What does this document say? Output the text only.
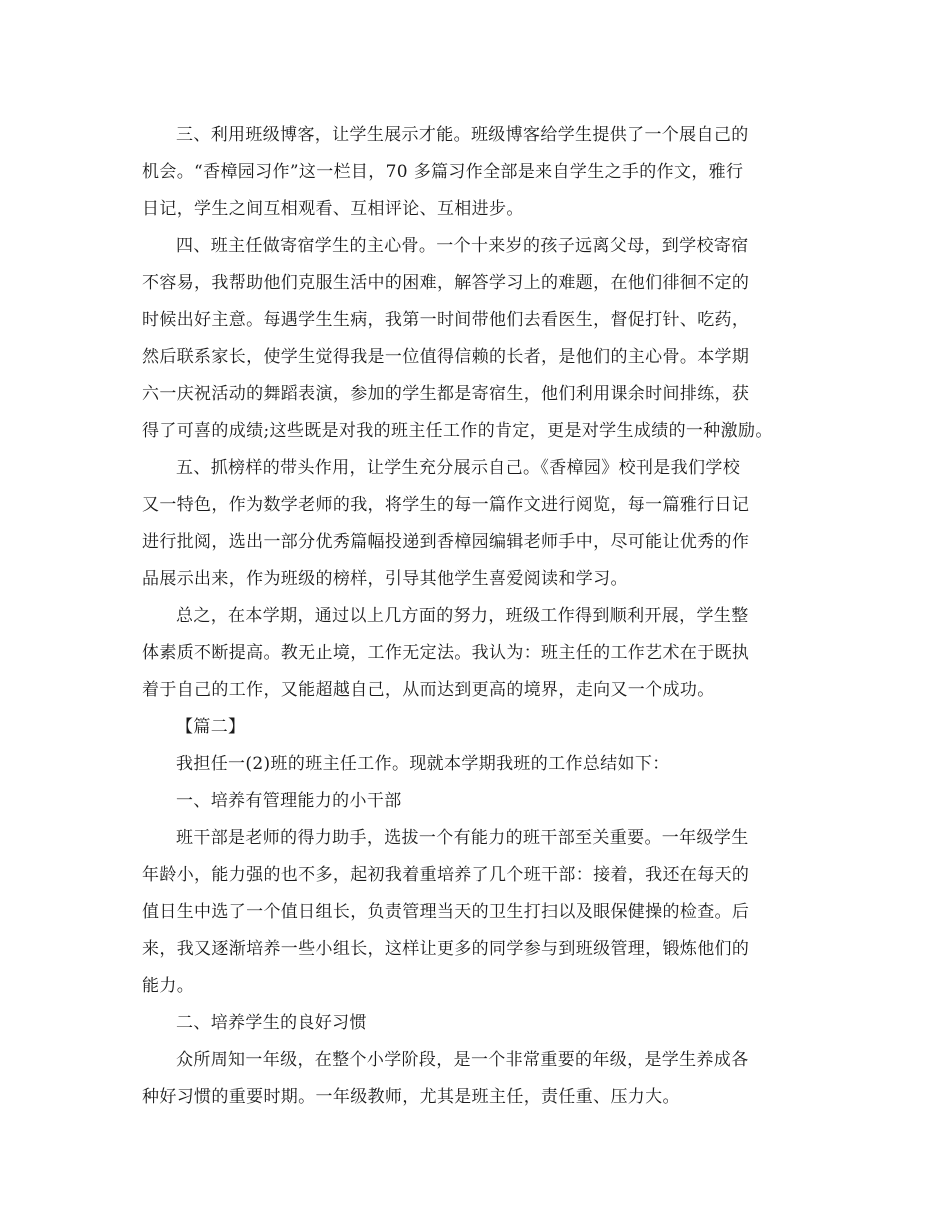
三、利用班级博客，让学生展示才能。班级博客给学生提供了一个展自己的
机会。“香樟园习作”这一栏目，70 多篇习作全部是来自学生之手的作文，雅行
日记，学生之间互相观看、互相评论、互相进步。
四、班主任做寄宿学生的主心骨。一个十来岁的孩子远离父母，到学校寄宿
不容易，我帮助他们克服生活中的困难，解答学习上的难题，在他们徘徊不定的
时候出好主意。每遇学生生病，我第一时间带他们去看医生，督促打针、吃药，
然后联系家长，使学生觉得我是一位值得信赖的长者，是他们的主心骨。本学期
六一庆祝活动的舞蹈表演，参加的学生都是寄宿生，他们利用课余时间排练，获
得了可喜的成绩;这些既是对我的班主任工作的肯定，更是对学生成绩的一种激励。
五、抓榜样的带头作用，让学生充分展示自己。《香樟园》校刊是我们学校
又一特色，作为数学老师的我，将学生的每一篇作文进行阅览，每一篇雅行日记
进行批阅，选出一部分优秀篇幅投递到香樟园编辑老师手中，尽可能让优秀的作
品展示出来，作为班级的榜样，引导其他学生喜爱阅读和学习。
总之，在本学期，通过以上几方面的努力，班级工作得到顺利开展，学生整
体素质不断提高。教无止境，工作无定法。我认为：班主任的工作艺术在于既执
着于自己的工作，又能超越自己，从而达到更高的境界，走向又一个成功。
【篇二】
我担任一(2)班的班主任工作。现就本学期我班的工作总结如下：
一、培养有管理能力的小干部
班干部是老师的得力助手，选拔一个有能力的班干部至关重要。一年级学生
年龄小，能力强的也不多，起初我着重培养了几个班干部：接着，我还在每天的
值日生中选了一个值日组长，负责管理当天的卫生打扫以及眼保健操的检查。后
来，我又逐渐培养一些小组长，这样让更多的同学参与到班级管理，锻炼他们的
能力。
二、培养学生的良好习惯
众所周知一年级，在整个小学阶段，是一个非常重要的年级，是学生养成各
种好习惯的重要时期。一年级教师，尤其是班主任，责任重、压力大。
